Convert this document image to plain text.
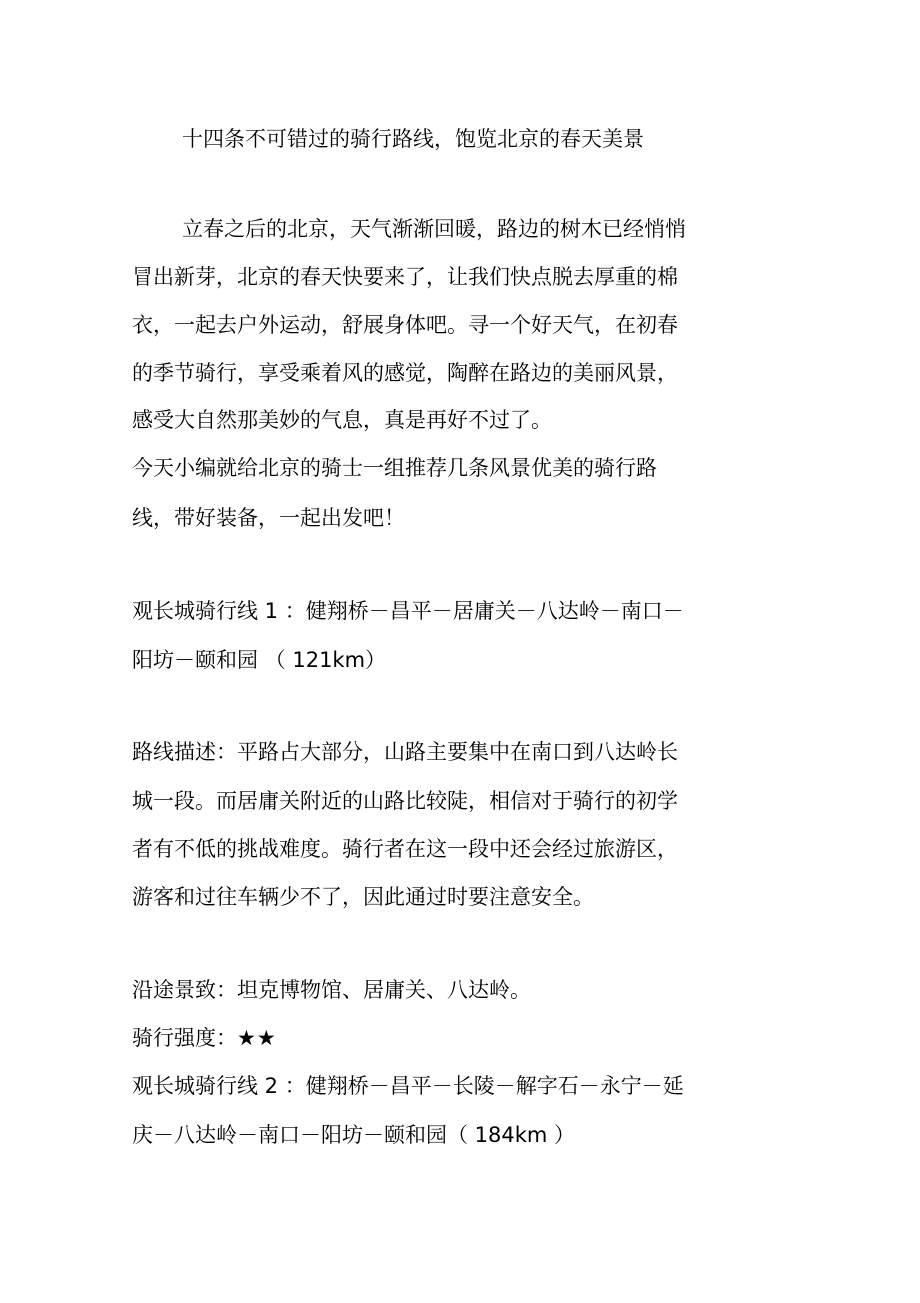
十四条不可错过的骑行路线，饱览北京的春天美景

立春之后的北京，天气渐渐回暖，路边的树木已经悄悄

冒出新芽，北京的春天快要来了，让我们快点脱去厚重的棉

衣，一起去户外运动，舒展身体吧。寻一个好天气，在初春

的季节骑行，享受乘着风的感觉，陶醉在路边的美丽风景，

感受大自然那美妙的气息，真是再好不过了。

今天小编就给北京的骑士一组推荐几条风景优美的骑行路

线，带好装备，一起出发吧！

观长城骑行线 1 ：健翔桥－昌平－居庸关－八达岭－南口－

阳坊－颐和园 （ 121km）

路线描述：平路占大部分，山路主要集中在南口到八达岭长

城一段。而居庸关附近的山路比较陡，相信对于骑行的初学

者有不低的挑战难度。骑行者在这一段中还会经过旅游区，

游客和过往车辆少不了，因此通过时要注意安全。

沿途景致：坦克博物馆、居庸关、八达岭。

骑行强度：★★

观长城骑行线 2 ：健翔桥－昌平－长陵－解字石－永宁－延

庆－八达岭－南口－阳坊－颐和园（ 184km ）
